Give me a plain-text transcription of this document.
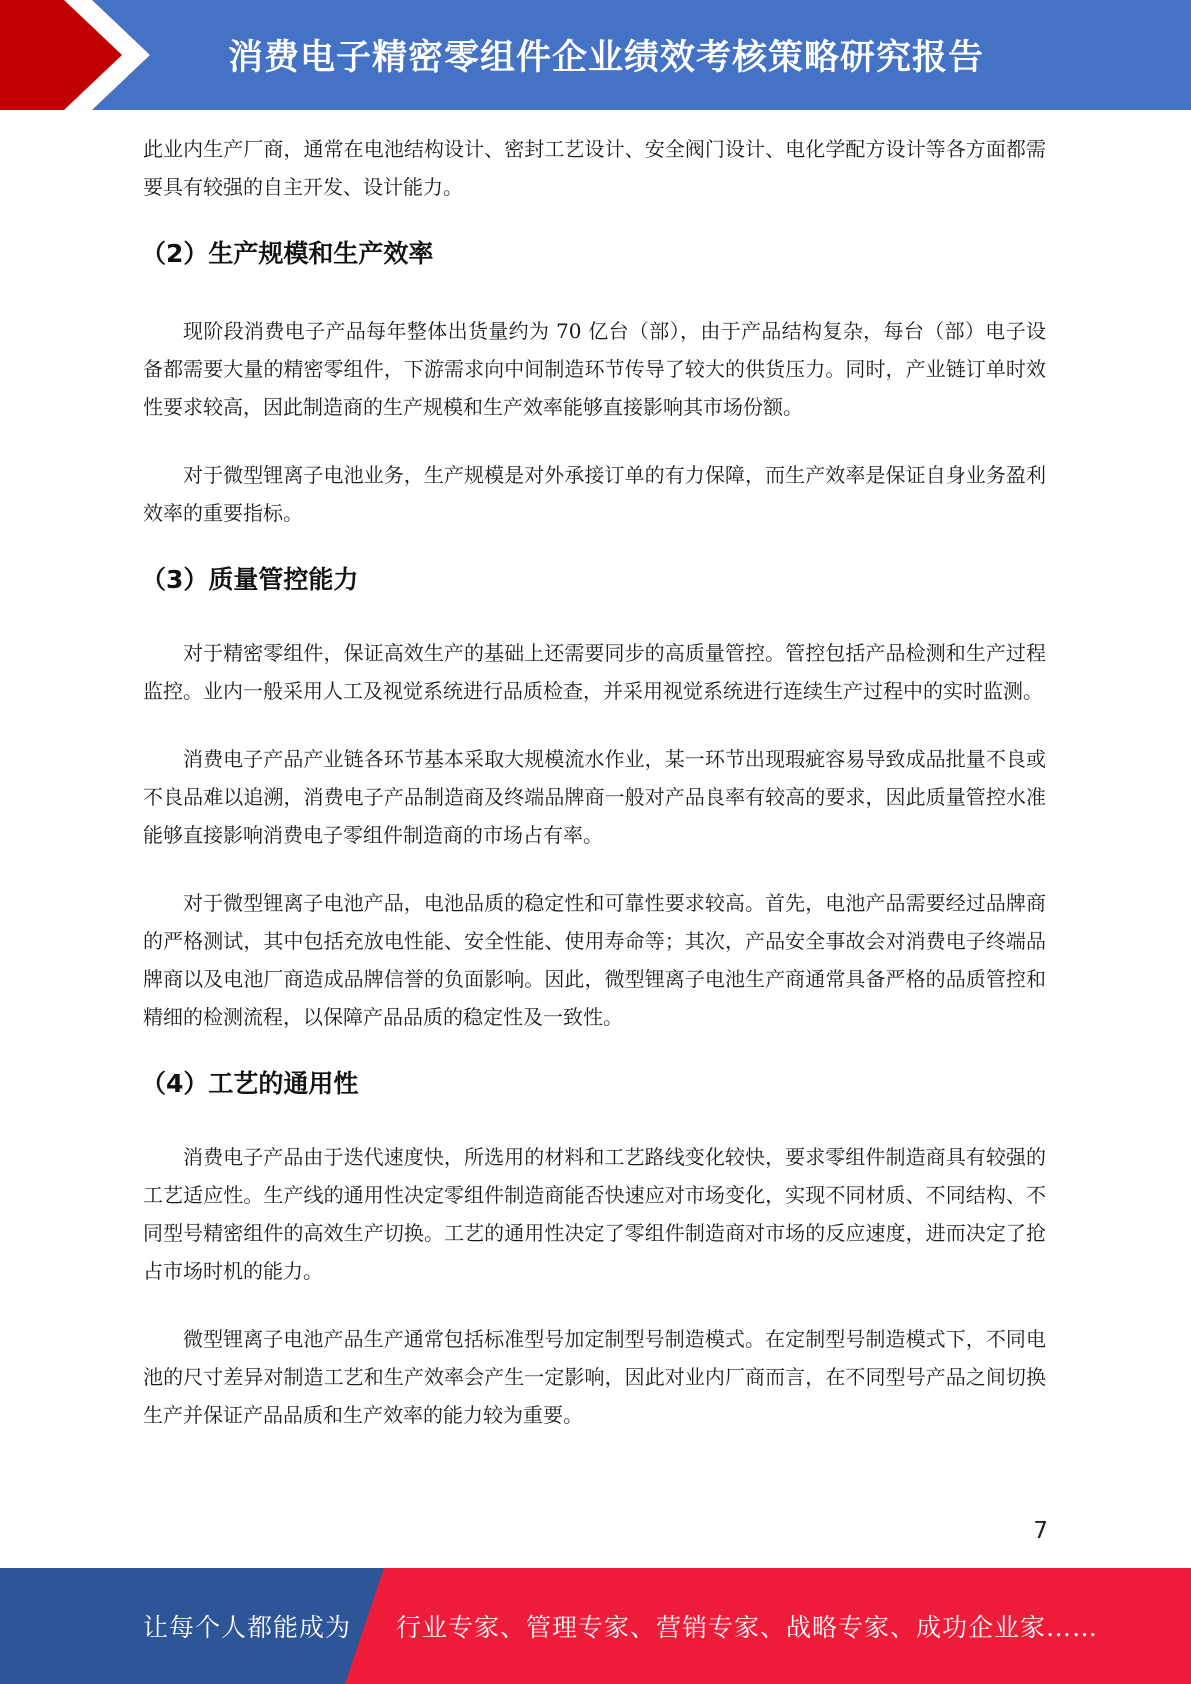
消费电子精密零组件企业绩效考核策略研究报告

此业内生产厂商，通常在电池结构设计、密封工艺设计、安全阀门设计、电化学配方设计等各方面都需要具有较强的自主开发、设计能力。

（2）生产规模和生产效率

现阶段消费电子产品每年整体出货量约为 70 亿台（部），由于产品结构复杂，每台（部）电子设备都需要大量的精密零组件，下游需求向中间制造环节传导了较大的供货压力。同时，产业链订单时效性要求较高，因此制造商的生产规模和生产效率能够直接影响其市场份额。

对于微型锂离子电池业务，生产规模是对外承接订单的有力保障，而生产效率是保证自身业务盈利效率的重要指标。

（3）质量管控能力

对于精密零组件，保证高效生产的基础上还需要同步的高质量管控。管控包括产品检测和生产过程监控。业内一般采用人工及视觉系统进行品质检查，并采用视觉系统进行连续生产过程中的实时监测。

消费电子产品产业链各环节基本采取大规模流水作业，某一环节出现瑕疵容易导致成品批量不良或不良品难以追溯，消费电子产品制造商及终端品牌商一般对产品良率有较高的要求，因此质量管控水准能够直接影响消费电子零组件制造商的市场占有率。

对于微型锂离子电池产品，电池品质的稳定性和可靠性要求较高。首先，电池产品需要经过品牌商的严格测试，其中包括充放电性能、安全性能、使用寿命等；其次，产品安全事故会对消费电子终端品牌商以及电池厂商造成品牌信誉的负面影响。因此，微型锂离子电池生产商通常具备严格的品质管控和精细的检测流程，以保障产品品质的稳定性及一致性。

（4）工艺的通用性

消费电子产品由于迭代速度快，所选用的材料和工艺路线变化较快，要求零组件制造商具有较强的工艺适应性。生产线的通用性决定零组件制造商能否快速应对市场变化，实现不同材质、不同结构、不同型号精密组件的高效生产切换。工艺的通用性决定了零组件制造商对市场的反应速度，进而决定了抢占市场时机的能力。

微型锂离子电池产品生产通常包括标准型号加定制型号制造模式。在定制型号制造模式下，不同电池的尺寸差异对制造工艺和生产效率会产生一定影响，因此对业内厂商而言，在不同型号产品之间切换生产并保证产品品质和生产效率的能力较为重要。

7
让每个人都能成为 行业专家、管理专家、营销专家、战略专家、成功企业家……
